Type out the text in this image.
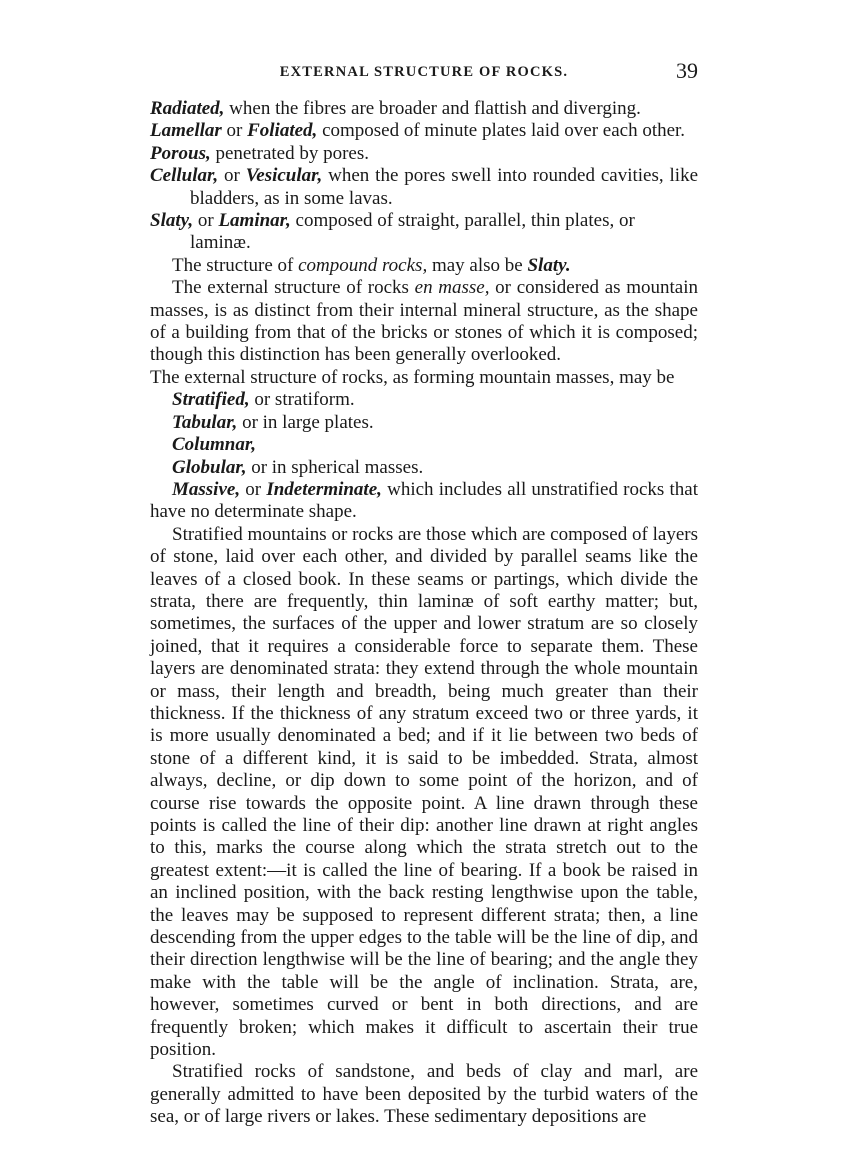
EXTERNAL STRUCTURE OF ROCKS.	39

Radiated, when the fibres are broader and flattish and diverging.

Lamellar or Foliated, composed of minute plates laid over each other.

Porous, penetrated by pores.

Cellular, or Vesicular, when the pores swell into rounded cavities, like bladders, as in some lavas.

Slaty, or Laminar, composed of straight, parallel, thin plates, or laminæ.

The structure of compound rocks, may also be Slaty.

The external structure of rocks en masse, or considered as mountain masses, is as distinct from their internal mineral structure, as the shape of a building from that of the bricks or stones of which it is composed; though this distinction has been generally overlooked.

The external structure of rocks, as forming mountain masses, may be

Stratified, or stratiform.

Tabular, or in large plates.

Columnar,

Globular, or in spherical masses.

Massive, or Indeterminate, which includes all unstratified rocks that have no determinate shape.

Stratified mountains or rocks are those which are composed of layers of stone, laid over each other, and divided by parallel seams like the leaves of a closed book. In these seams or partings, which divide the strata, there are frequently, thin laminæ of soft earthy matter; but, sometimes, the surfaces of the upper and lower stratum are so closely joined, that it requires a considerable force to separate them. These layers are denominated strata: they extend through the whole mountain or mass, their length and breadth, being much greater than their thickness. If the thickness of any stratum exceed two or three yards, it is more usually denominated a bed; and if it lie between two beds of stone of a different kind, it is said to be imbedded. Strata, almost always, decline, or dip down to some point of the horizon, and of course rise towards the opposite point. A line drawn through these points is called the line of their dip: another line drawn at right angles to this, marks the course along which the strata stretch out to the greatest extent:—it is called the line of bearing. If a book be raised in an inclined position, with the back resting lengthwise upon the table, the leaves may be supposed to represent different strata; then, a line descending from the upper edges to the table will be the line of dip, and their direction lengthwise will be the line of bearing; and the angle they make with the table will be the angle of inclination. Strata, are, however, sometimes curved or bent in both directions, and are frequently broken; which makes it difficult to ascertain their true position.

Stratified rocks of sandstone, and beds of clay and marl, are generally admitted to have been deposited by the turbid waters of the sea, or of large rivers or lakes. These sedimentary depositions are
